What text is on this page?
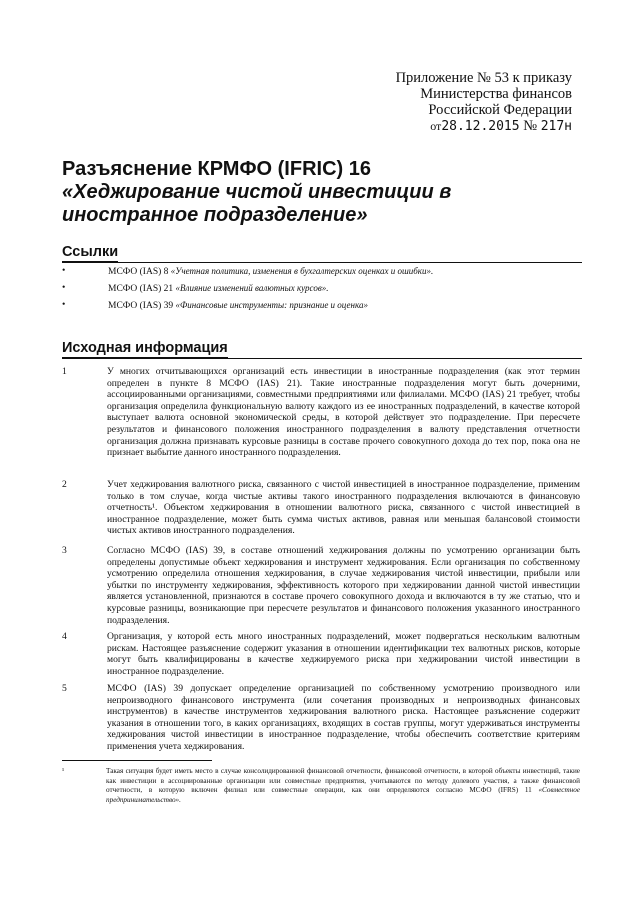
Приложение № 53 к приказу
Министерства финансов
Российской Федерации
от28.12.2015 № 217н
Разъяснение КРМФО (IFRIC) 16
«Хеджирование чистой инвестиции в
иностранное подразделение»
Ссылки
•	МСФО (IAS) 8 «Учетная политика, изменения в бухгалтерских оценках и ошибки».
•	МСФО (IAS) 21 «Влияние изменений валютных курсов».
•	МСФО (IAS) 39 «Финансовые инструменты: признание и оценка»
Исходная информация
1	У многих отчитывающихся организаций есть инвестиции в иностранные подразделения (как этот термин определен в пункте 8 МСФО (IAS) 21). Такие иностранные подразделения могут быть дочерними, ассоциированными организациями, совместными предприятиями или филиалами. МСФО (IAS) 21 требует, чтобы организация определила функциональную валюту каждого из ее иностранных подразделений, в качестве которой выступает валюта основной экономической среды, в которой действует это подразделение. При пересчете результатов и финансового положения иностранного подразделения в валюту представления отчетности организация должна признавать курсовые разницы в составе прочего совокупного дохода до тех пор, пока она не признает выбытие данного иностранного подразделения.
2	Учет хеджирования валютного риска, связанного с чистой инвестицией в иностранное подразделение, применим только в том случае, когда чистые активы такого иностранного подразделения включаются в финансовую отчетность¹. Объектом хеджирования в отношении валютного риска, связанного с чистой инвестицией в иностранное подразделение, может быть сумма чистых активов, равная или меньшая балансовой стоимости чистых активов иностранного подразделения.
3	Согласно МСФО (IAS) 39, в составе отношений хеджирования должны по усмотрению организации быть определены допустимые объект хеджирования и инструмент хеджирования. Если организация по собственному усмотрению определила отношения хеджирования, в случае хеджирования чистой инвестиции, прибыли или убытки по инструменту хеджирования, эффективность которого при хеджировании данной чистой инвестиции является установленной, признаются в составе прочего совокупного дохода и включаются в ту же статью, что и курсовые разницы, возникающие при пересчете результатов и финансового положения указанного иностранного подразделения.
4	Организация, у которой есть много иностранных подразделений, может подвергаться нескольким валютным рискам. Настоящее разъяснение содержит указания в отношении идентификации тех валютных рисков, которые могут быть квалифицированы в качестве хеджируемого риска при хеджировании чистой инвестиции в иностранное подразделение.
5	МСФО (IAS) 39 допускает определение организацией по собственному усмотрению производного или непроизводного финансового инструмента (или сочетания производных и непроизводных финансовых инструментов) в качестве инструментов хеджирования валютного риска. Настоящее разъяснение содержит указания в отношении того, в каких организациях, входящих в состав группы, могут удерживаться инструменты хеджирования чистой инвестиции в иностранное подразделение, чтобы обеспечить соответствие критериям применения учета хеджирования.
¹	Такая ситуация будет иметь место в случае консолидированной финансовой отчетности, финансовой отчетности, в которой объекты инвестиций, такие как инвестиции в ассоциированные организации или совместные предприятия, учитываются по методу долевого участия, а также финансовой отчетности, в которую включен филиал или совместные операции, как они определяются согласно МСФО (IFRS) 11 «Совместное предпринимательство».
